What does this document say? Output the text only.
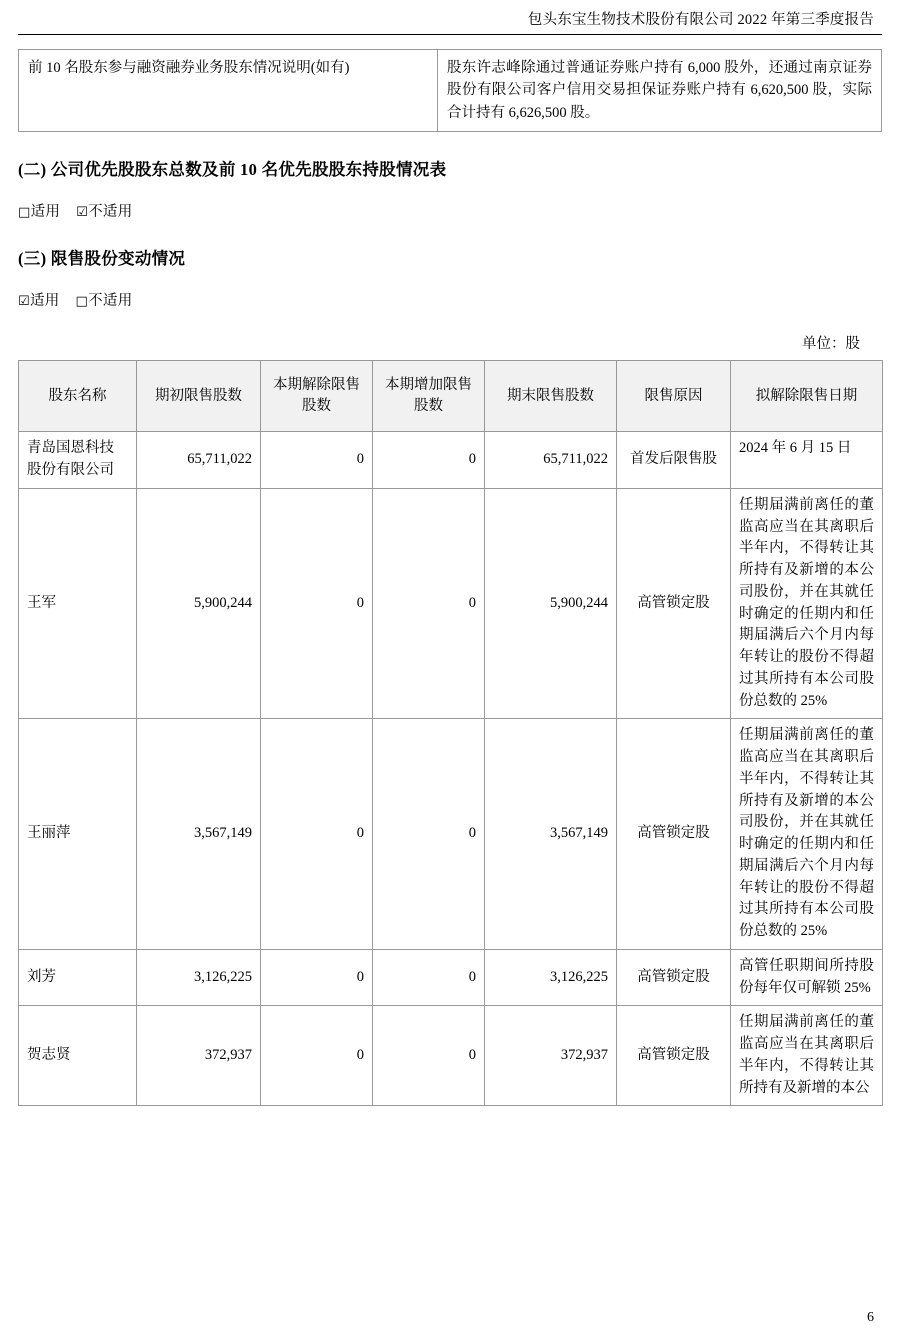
包头东宝生物技术股份有限公司 2022 年第三季度报告
前 10 名股东参与融资融券业务股东情况说明(如有)	股东许志峰除通过普通证券账户持有 6,000 股外，还通过南京证券股份有限公司客户信用交易担保证券账户持有 6,620,500 股，实际合计持有 6,626,500 股。
(二) 公司优先股股东总数及前 10 名优先股股东持股情况表
□适用 ☑不适用
(三) 限售股份变动情况
☑适用 □不适用
单位：股
股东名称	期初限售股数	本期解除限售股数	本期增加限售股数	期末限售股数	限售原因	拟解除限售日期
青岛国恩科技股份有限公司	65,711,022	0	0	65,711,022	首发后限售股	2024 年 6 月 15 日
王军	5,900,244	0	0	5,900,244	高管锁定股	任期届满前离任的董监高应当在其离职后半年内，不得转让其所持有及新增的本公司股份，并在其就任时确定的任期内和任期届满后六个月内每年转让的股份不得超过其所持有本公司股份总数的 25%
王丽萍	3,567,149	0	0	3,567,149	高管锁定股	任期届满前离任的董监高应当在其离职后半年内，不得转让其所持有及新增的本公司股份，并在其就任时确定的任期内和任期届满后六个月内每年转让的股份不得超过其所持有本公司股份总数的 25%
刘芳	3,126,225	0	0	3,126,225	高管锁定股	高管任职期间所持股份每年仅可解锁 25%
贺志贤	372,937	0	0	372,937	高管锁定股	任期届满前离任的董监高应当在其离职后半年内，不得转让其所持有及新增的本公
6
